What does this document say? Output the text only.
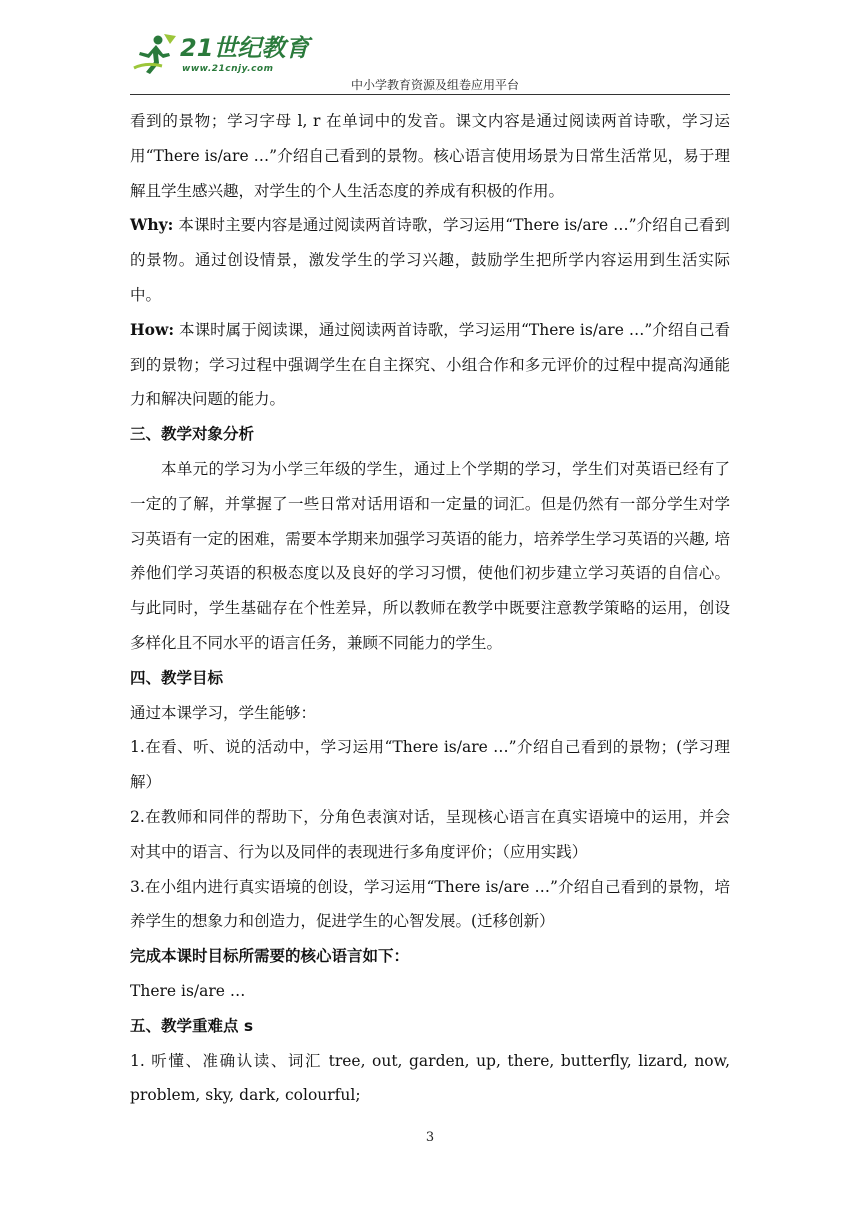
21世纪教育
www.21cnjy.com
中小学教育资源及组卷应用平台

看到的景物；学习字母 l, r 在单词中的发音。课文内容是通过阅读两首诗歌，学习运用“There is/are …”介绍自己看到的景物。核心语言使用场景为日常生活常见，易于理解且学生感兴趣，对学生的个人生活态度的养成有积极的作用。

Why: 本课时主要内容是通过阅读两首诗歌，学习运用“There is/are …”介绍自己看到的景物。通过创设情景，激发学生的学习兴趣，鼓励学生把所学内容运用到生活实际中。

How: 本课时属于阅读课，通过阅读两首诗歌，学习运用“There is/are …”介绍自己看到的景物；学习过程中强调学生在自主探究、小组合作和多元评价的过程中提高沟通能力和解决问题的能力。

三、教学对象分析

本单元的学习为小学三年级的学生，通过上个学期的学习，学生们对英语已经有了一定的了解，并掌握了一些日常对话用语和一定量的词汇。但是仍然有一部分学生对学习英语有一定的困难，需要本学期来加强学习英语的能力，培养学生学习英语的兴趣, 培养他们学习英语的积极态度以及良好的学习习惯，使他们初步建立学习英语的自信心。与此同时，学生基础存在个性差异，所以教师在教学中既要注意教学策略的运用，创设多样化且不同水平的语言任务，兼顾不同能力的学生。

四、教学目标

通过本课学习，学生能够：

1.在看、听、说的活动中，学习运用“There is/are …”介绍自己看到的景物；(学习理解）

2.在教师和同伴的帮助下，分角色表演对话，呈现核心语言在真实语境中的运用，并会对其中的语言、行为以及同伴的表现进行多角度评价；（应用实践）

3.在小组内进行真实语境的创设，学习运用“There is/are …”介绍自己看到的景物，培养学生的想象力和创造力，促进学生的心智发展。(迁移创新）

完成本课时目标所需要的核心语言如下：

There is/are …

五、教学重难点 s

1. 听懂、准确认读、词汇 tree, out, garden, up, there, butterfly, lizard, now, problem, sky, dark, colourful;

3
